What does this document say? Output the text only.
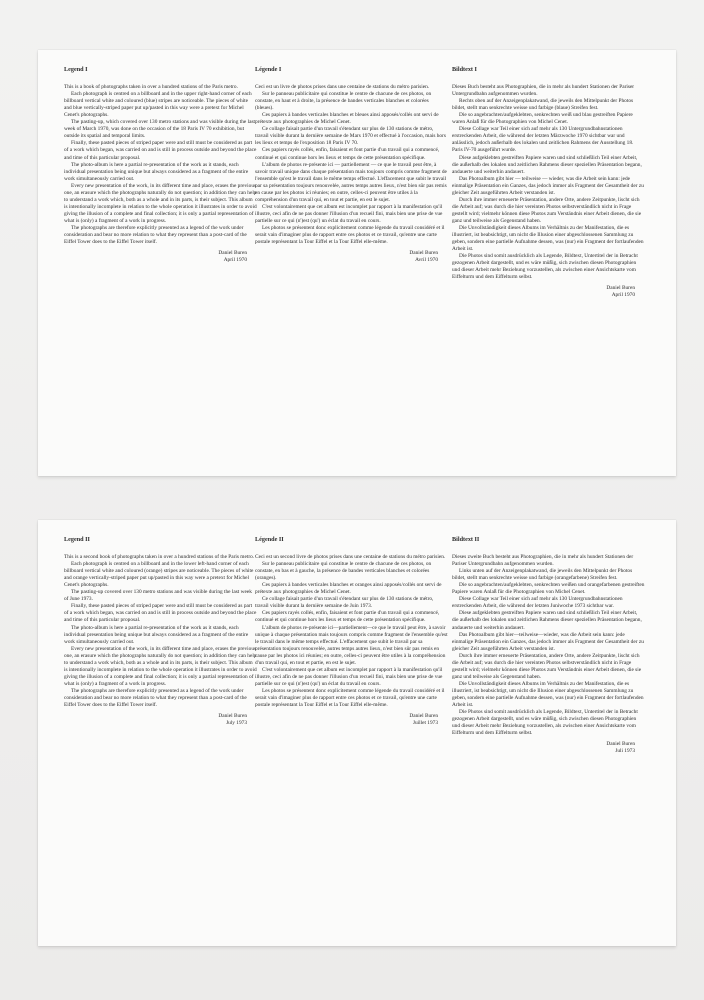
Legend I

This is a book of photographs taken in over a hundred stations of the Paris metro.

Each photograph is centred on a billboard and in the upper right-hand corner of each billboard vertical white and coloured (blue) stripes are noticeable. The pieces of white and blue vertically-striped paper put up/pasted in this way were a pretext for Michel Cenet's photographs.

The pasting-up, which covered over 130 metro stations and was visible during the last week of March 1970, was done on the occasion of the 18 Paris IV 70 exhibition, but outside its spatial and temporal limits.

Finally, these pasted pieces of striped paper were and still must be considered as part of a work which began, was carried on and is still in process outside and beyond the place and time of this particular proposal.

The photo-album is here a partial re-presentation of the work as it stands, each individual presentation being unique but always considered as a fragment of the entire work simultaneously carried out.

Every new presentation of the work, in its different time and place, erases the previous one, an erasure which the photographs naturally do not question; in addition they can help to understand a work which, both as a whole and in its parts, is their subject. This album is intentionally incomplete in relation to the whole operation it illustrates in order to avoid giving the illusion of a complete and final collection; it is only a partial representation of what is (only) a fragment of a work in progress.

The photographs are therefore explicitly presented as a legend of the work under consideration and bear no more relation to what they represent than a post-card of the Eiffel Tower does to the Eiffel Tower itself.

Daniel Buren
April 1970
Légende I

Ceci est un livre de photos prises dans une centaine de stations du métro parisien.

Sur le panneau publicitaire qui constitue le centre de chacune de ces photos, on constate, en haut et à droite, la présence de bandes verticales blanches et colorées (bleues).

Ces papiers à bandes verticales blanches et bleues ainsi apposés/collés ont servi de prétexte aux photographies de Michel Cenet.

Ce collage faisait partie d'un travail s'étendant sur plus de 130 stations de métro, travail visible durant la dernière semaine de Mars 1970 et effectué à l'occasion, mais hors les lieux et temps de l'exposition 18 Paris IV 70.

Ces papiers rayés collés, enfin, faisaient et font partie d'un travail qui a commencé, continué et qui continue hors les lieux et temps de cette présentation spécifique.

L'album de photos re-présente ici — partiellement — ce que le travail peut être, à savoir travail unique dans chaque présentation mais toujours compris comme fragment de l'ensemble qu'est le travail dans le même temps effectué. L'effacement que subit le travail par sa présentation toujours renouvelée, autres temps autres lieux, n'est bien sûr pas remis en cause par les photos ici réunies; en outre, celles-ci peuvent être utiles à la compréhension d'un travail qui, en tout et partie, en est le sujet.

C'est volontairement que cet album est incomplet par rapport à la manifestation qu'il illustre, ceci afin de ne pas donner l'illusion d'un recueil fini, mais bien une prise de vue partielle sur ce qui (n')est (qu') un éclat du travail en cours.

Les photos se présentent donc explicitement comme légende du travail considéré et il serait vain d'imaginer plus de rapport entre ces photos et ce travail, qu'entre une carte postale représentant la Tour Eiffel et la Tour Eiffel elle-même.

Daniel Buren
Avril 1970
Bildtext I

Dieses Buch besteht aus Photographien, die in mehr als hundert Stationen der Pariser Untergrundbahn aufgenommen wurden.

Rechts oben auf der Anzeigenplakatwand, die jeweils den Mittelpunkt der Photos bildet, stellt man senkrechte weisse und farbige (blaue) Streifen fest.

Die so angebrachten/aufgeklebten, senkrechten weiß und blau gestreiften Papiere waren Anlaß für die Photographien von Michel Cenet.

Diese Collage war Teil einer sich auf mehr als 130 Untergrundbahnstationen erstreckenden Arbeit, die während der letzten Märzwoche 1970 sichtbar war und anlässlich, jedoch außerhalb des lokalen und zeitlichen Rahmens der Ausstellung 18. Paris IV-70 ausgeführt wurde.

Diese aufgeklebten gestreiften Papiere waren und sind schließlich Teil einer Arbeit, die außerhalb des lokalen und zeitlichen Rahmens dieser speziellen Präsentation begann, andauerte und weiterhin andauert.

Das Photoalbum gibt hier — teilweise — wieder, was die Arbeit sein kann: jede einmalige Präsentation ein Ganzes, das jedoch immer als Fragment der Gesamtheit der zu gleicher Zeit ausgeführten Arbeit verstanden ist.

Durch ihre immer erneuerte Präsentation, andere Orte, andere Zeitpunkte, lischt sich die Arbeit auf; was durch die hier vereinten Photos selbstverständlich nicht in Frage gestellt wird; vielmehr können diese Photos zum Verständnis einer Arbeit dienen, die sie ganz und teilweise als Gegenstand haben.

Die Unvollständigkeit dieses Albums im Verhältnis zu der Manifestation, die es illustriert, ist beabsichtigt, um nicht die Illusion einer abgeschlossenen Sammlung zu geben, sondern eine partielle Aufnahme dessen, was (nur) ein Fragment der fortlaufenden Arbeit ist.

Die Photos sind somit ausdrücklich als Legende, Bildtext, Untertitel der in Betracht gezogenen Arbeit dargestellt, und es wäre müßig, sich zwischen diesen Photographien und dieser Arbeit mehr Beziehung vorzustellen, als zwischen einer Ansichtskarte vom Eiffelturm und dem Eiffelturm selbst.

Daniel Buren
April 1970
Legend II

This is a second book of photographs taken in over a hundred stations of the Paris metro.

Each photograph is centred on a billboard and in the lower left-hand corner of each billboard vertical white and coloured (orange) stripes are noticeable. The pieces of white and orange vertically-striped paper put up/pasted in this way were a pretext for Michel Cenet's photographs.

The pasting-up covered over 130 metro stations and was visible during the last week of June 1973.

Finally, these pasted pieces of striped paper were and still must be considered as part of a work which began, was carried on and is still in process outside and beyond the place and time of this particular proposal.

The photo-album is here a partial re-presentation of the work as it stands, each individual presentation being unique but always considered as a fragment of the entire work simultaneously carried out.

Every new presentation of the work, in its different time and place, erases the previous one, an erasure which the photographs naturally do not question; in addition they can help to understand a work which, both as a whole and in its parts, is their subject. This album is intentionally incomplete in relation to the whole operation it illustrates in order to avoid giving the illusion of a complete and final collection; it is only a partial representation of what is (only) a fragment of a work in progress.

The photographs are therefore explicitly presented as a legend of the work under consideration and bear no more relation to what they represent than a post-card of the Eiffel Tower does to the Eiffel Tower itself.

Daniel Buren
July 1973
Légende II

Ceci est un second livre de photos prises dans une centaine de stations du métro parisien.

Sur le panneau publicitaire qui constitue le centre de chacune de ces photos, on constate, en bas et à gauche, la présence de bandes verticales blanches et colorées (oranges).

Ces papiers à bandes verticales blanches et oranges ainsi apposés/collés ont servi de prétexte aux photographies de Michel Cenet.

Ce collage faisait partie d'un travail s'étendant sur plus de 130 stations de métro, travail visible durant la dernière semaine de Juin 1973.

Ces papiers rayés collés, enfin, faisaient et font partie d'un travail qui a commencé, continué et qui continue hors les lieux et temps de cette présentation spécifique.

L'album de photos re-présente ici—partiellement—ce que le travail peut être, à savoir unique à chaque présentation mais toujours compris comme fragment de l'ensemble qu'est le travail dans le même temps effectué. L'effacement que subit le travail par sa présentation toujours renouvelée, autres temps autres lieux, n'est bien sûr pas remis en cause par les photos ici réunies; en outre, celles-ci peuvent être utiles à la compréhension d'un travail qui, en tout et partie, en est le sujet.

C'est volontairement que cet album est incomplet par rapport à la manifestation qu'il illustre, ceci afin de ne pas donner l'illusion d'un recueil fini, mais bien une prise de vue partielle sur ce qui (n')est (qu') un éclat du travail en cours.

Les photos se présentent donc explicitement comme légende du travail considéré et il serait vain d'imaginer plus de rapport entre ces photos et ce travail, qu'entre une carte postale représentant la Tour Eiffel et la Tour Eiffel elle-même.

Daniel Buren
Juillet 1973
Bildtext II

Dieses zweite Buch besteht aus Photographien, die in mehr als hundert Stationen der Pariser Untergrundbahn aufgenommen wurden.

Links unten auf der Anzeigenplakatwand, die jeweils den Mittelpunkt der Photos bildet, stellt man senkrechte weisse und farbige (orangefarbene) Streifen fest.

Die so angebrachten/aufgeklebten, senkrechten weißen und orangefarbenen gestreiften Papiere waren Anlaß für die Photographien von Michel Cenet.

Diese Collage war Teil einer sich auf mehr als 130 Untergrundbahnstationen erstreckenden Arbeit, die während der letzten Juniwoche 1973 sichtbar war.

Diese aufgeklebten gestreiften Papiere waren und sind schließlich Teil einer Arbeit, die außerhalb des lokalen und zeitlichen Rahmens dieser speziellen Präsentation begann, andauerte und weiterhin andauert.

Das Photoalbum gibt hier—teilweise—wieder, was die Arbeit sein kann: jede einmalige Präsentation ein Ganzes, das jedoch immer als Fragment der Gesamtheit der zu gleicher Zeit ausgeführten Arbeit verstanden ist.

Durch ihre immer erneuerte Präsentation, andere Orte, andere Zeitpunkte, lischt sich die Arbeit auf; was durch die hier vereinten Photos selbstverständlich nicht in Frage gestellt wird; vielmehr können diese Photos zum Verständnis einer Arbeit dienen, die sie ganz und teilweise als Gegenstand haben.

Die Unvollständigkeit dieses Albums im Verhältnis zu der Manifestation, die es illustriert, ist beabsichtigt, um nicht die Illusion einer abgeschlossenen Sammlung zu geben, sondern eine partielle Aufnahme dessen, was (nur) ein Fragment der fortlaufenden Arbeit ist.

Die Photos sind somit ausdrücklich als Legende, Bildtext, Untertitel der in Betracht gezogenen Arbeit dargestellt, und es wäre müßig, sich zwischen diesen Photographien und dieser Arbeit mehr Beziehung vorzustellen, als zwischen einer Ansichtskarte vom Eiffelturm und dem Eiffelturm selbst.

Daniel Buren
Juli 1973
